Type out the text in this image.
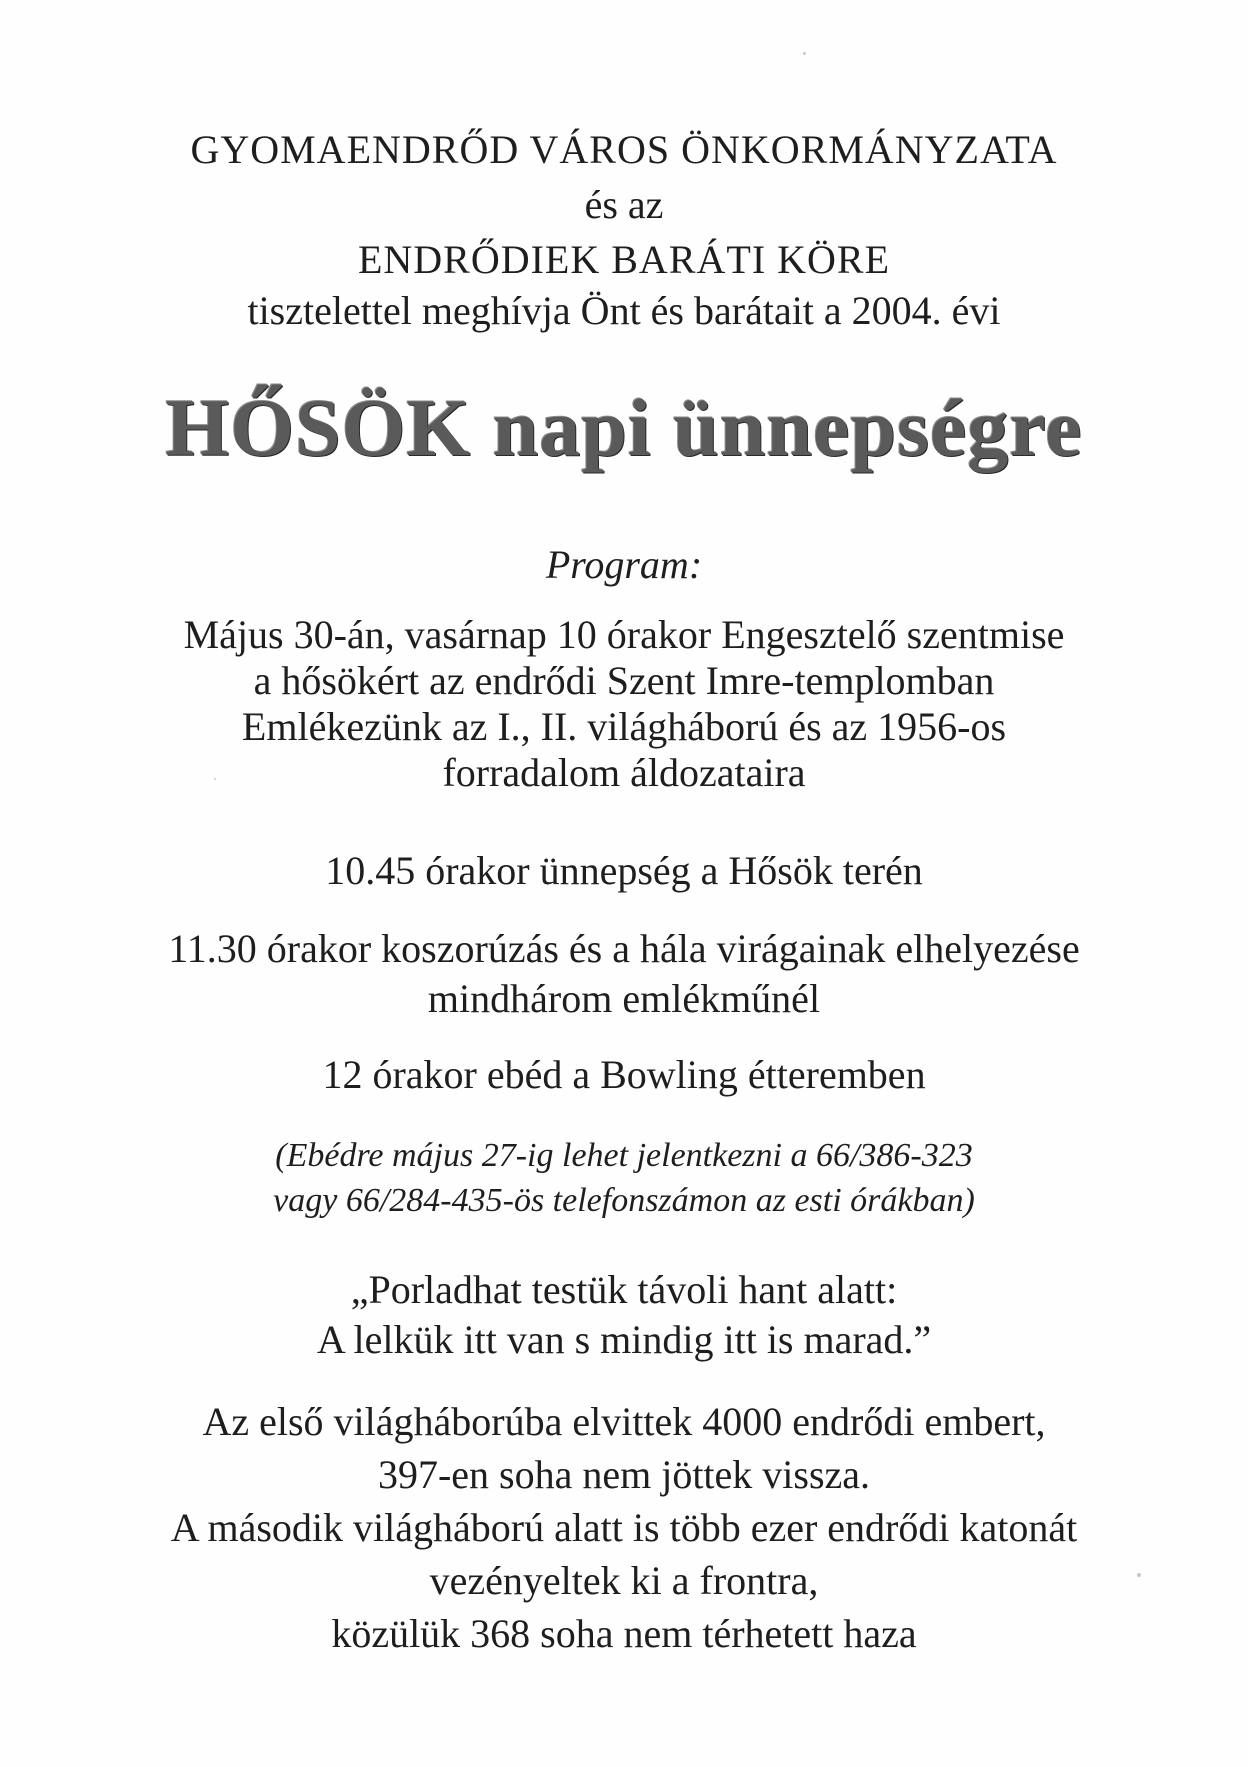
GYOMAENDRŐD VÁROS ÖNKORMÁNYZATA
és az
ENDRŐDIEK BARÁTI KÖRE
tisztelettel meghívja Önt és barátait a 2004. évi
HŐSÖK napi ünnepségre
Program:
Május 30-án, vasárnap 10 órakor Engesztelő szentmise
a hősökért az endrődi Szent Imre-templomban
Emlékezünk az I., II. világháború és az 1956-os
forradalom áldozataira
10.45 órakor ünnepség a Hősök terén
11.30 órakor koszorúzás és a hála virágainak elhelyezése
mindhárom emlékműnél
12 órakor ebéd a Bowling étteremben
(Ebédre május 27-ig lehet jelentkezni a 66/386-323
vagy 66/284-435-ös telefonszámon az esti órákban)
„Porladhat testük távoli hant alatt:
A lelkük itt van s mindig itt is marad.”
Az első világháborúba elvittek 4000 endrődi embert,
397-en soha nem jöttek vissza.
A második világháború alatt is több ezer endrődi katonát
vezényeltek ki a frontra,
közülük 368 soha nem térhetett haza
